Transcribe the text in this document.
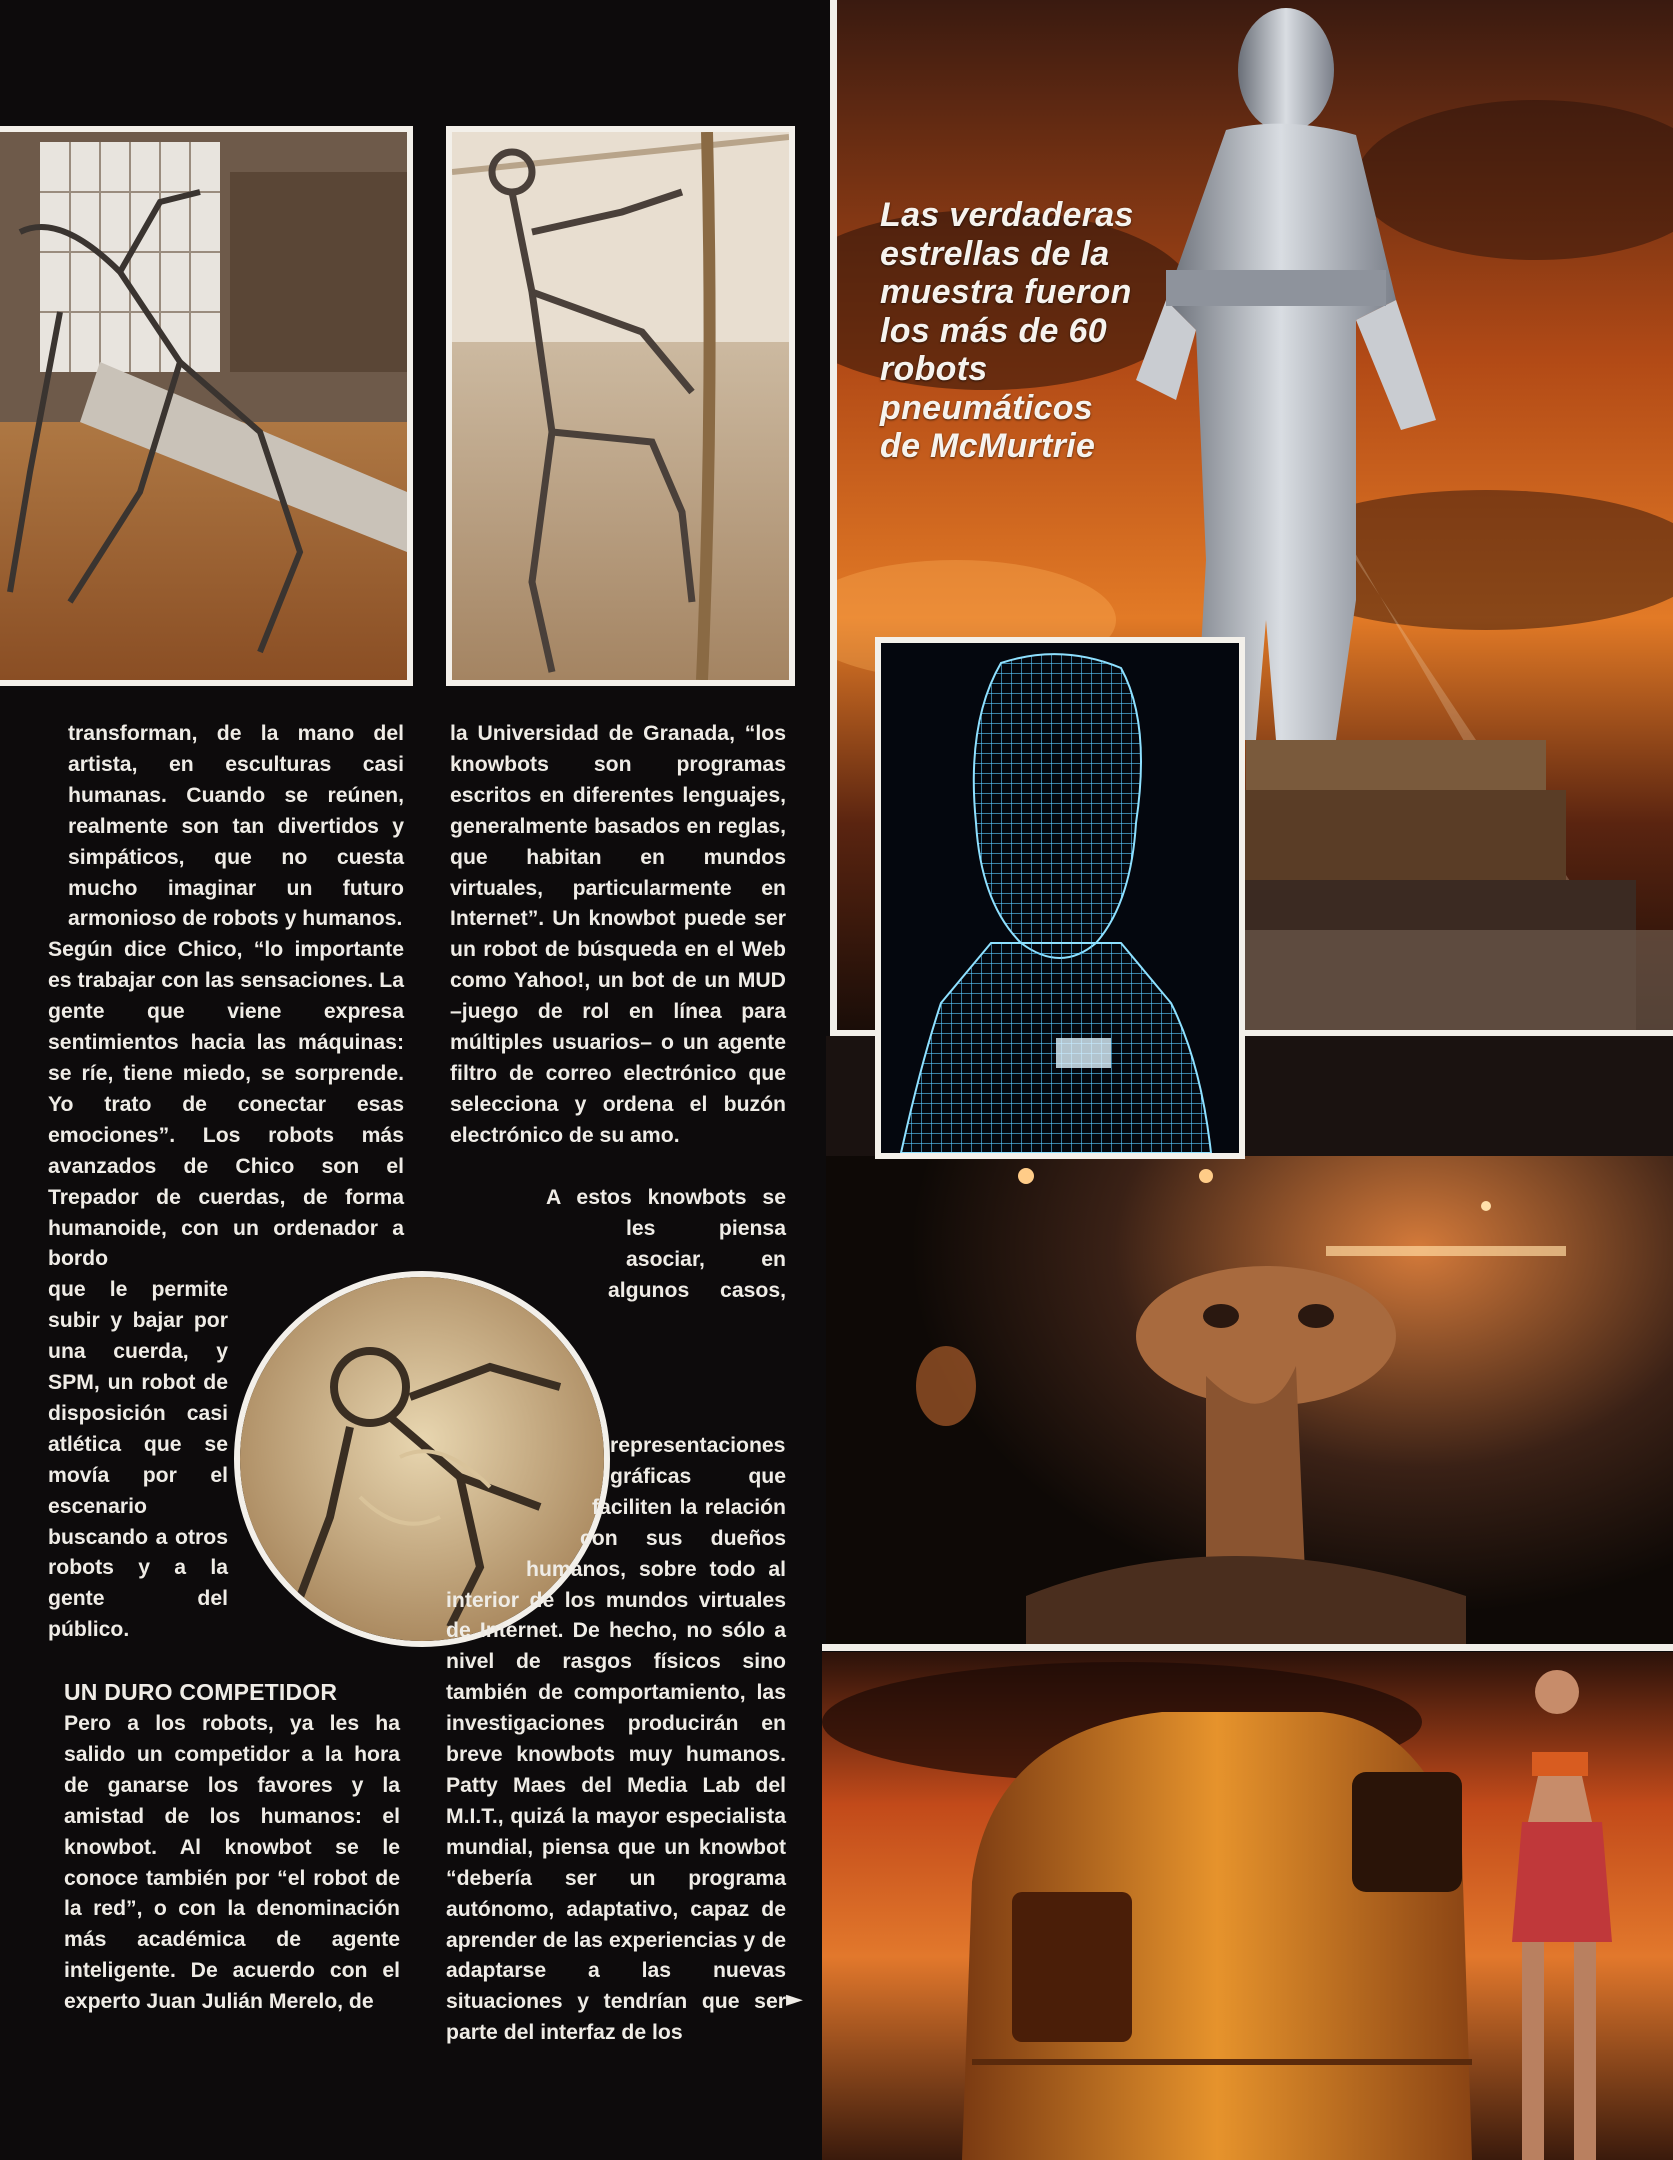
Las verdaderas estrellas de la muestra fueron los más de 60 robots pneumáticos de McMurtrie

transforman, de la mano del artista, en esculturas casi humanas. Cuando se reúnen, realmente son tan divertidos y simpáticos, que no cuesta mucho imaginar un futuro armonioso de robots y humanos.

Según dice Chico, “lo importante es trabajar con las sensaciones. La gente que viene expresa sentimientos hacia las máquinas: se ríe, tiene miedo, se sorprende. Yo trato de conectar esas emociones”. Los robots más avanzados de Chico son el Trepador de cuerdas, de forma humanoide, con un ordenador a bordo

que le permite subir y bajar por una cuerda, y SPM, un robot de disposición casi atlética que se movía por el escenario buscando a otros robots y a la gente del público.

UN DURO COMPETIDOR

Pero a los robots, ya les ha salido un competidor a la hora de ganarse los favores y la amistad de los humanos: el knowbot. Al knowbot se le conoce también por “el robot de la red”, o con la denominación más académica de agente inteligente. De acuerdo con el experto Juan Julián Merelo, de

la Universidad de Granada, “los knowbots son programas escritos en diferentes lenguajes, generalmente basados en reglas, que habitan en mundos virtuales, particularmente en Internet”. Un knowbot puede ser un robot de búsqueda en el Web como Yahoo!, un bot de un MUD –juego de rol en línea para múltiples usuarios– o un agente filtro de correo electrónico que selecciona y ordena el buzón electrónico de su amo.

A estos knowbots se les piensa asociar, en algunos casos, representaciones gráficas que faciliten la relación con sus dueños humanos, sobre todo al interior de los mundos virtuales de Internet. De hecho, no sólo a nivel de rasgos físicos sino también de comportamiento, las investigaciones producirán en breve knowbots muy humanos. Patty Maes del Media Lab del M.I.T., quizá la mayor especialista mundial, piensa que un knowbot “debería ser un programa autónomo, adaptativo, capaz de aprender de las experiencias y de adaptarse a las nuevas situaciones y tendrían que ser parte del interfaz de los

►
